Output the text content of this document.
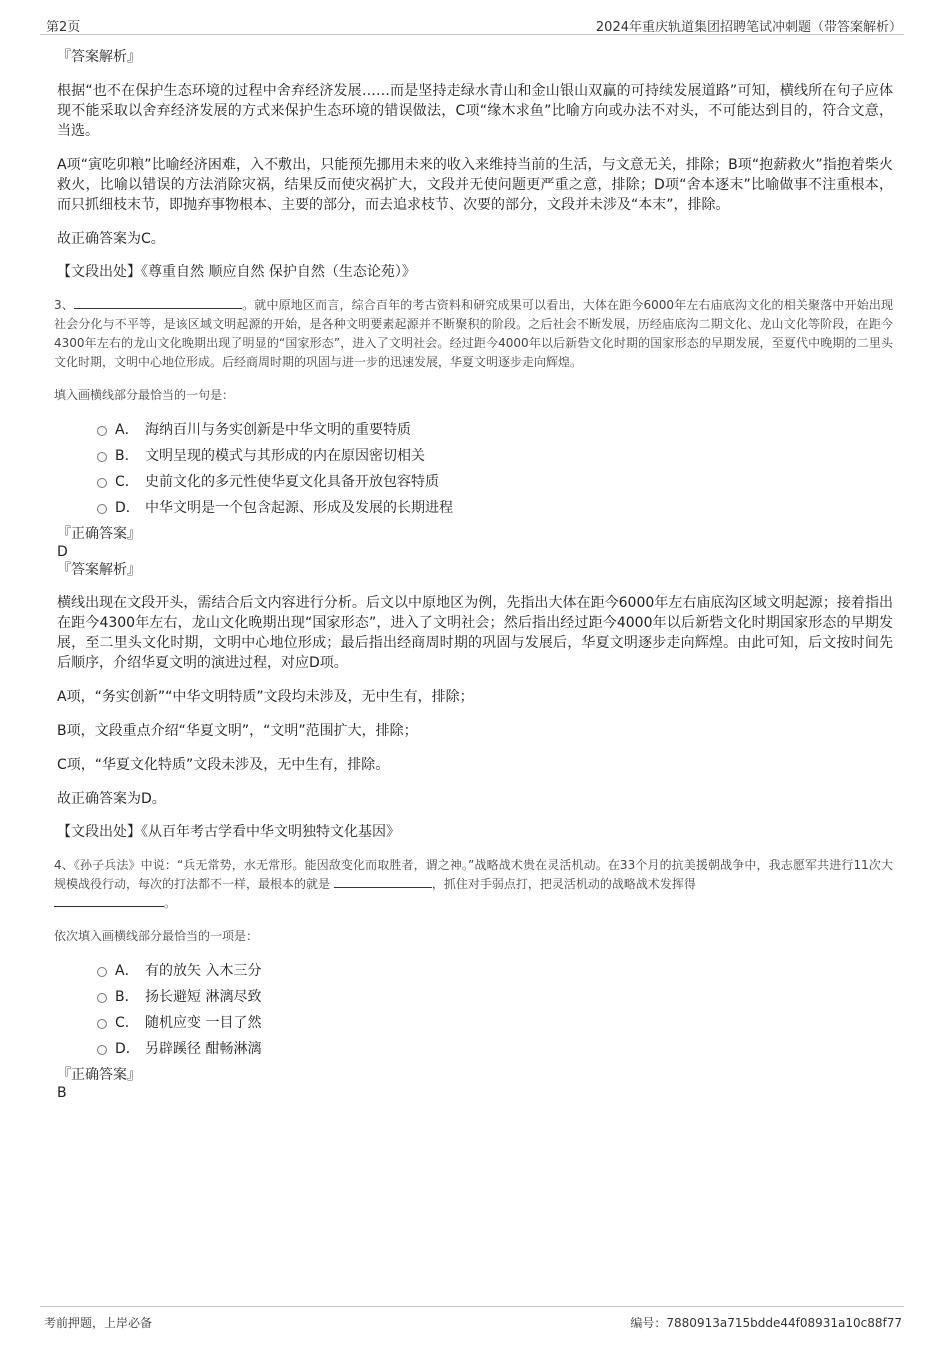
第2页	2024年重庆轨道集团招聘笔试冲刺题（带答案解析）

『答案解析』

根据“也不在保护生态环境的过程中舍弃经济发展……而是坚持走绿水青山和金山银山双赢的可持续发展道路”可知，横线所在句子应体现不能采取以舍弃经济发展的方式来保护生态环境的错误做法，C项“缘木求鱼”比喻方向或办法不对头，不可能达到目的，符合文意，当选。

A项“寅吃卯粮”比喻经济困难，入不敷出，只能预先挪用未来的收入来维持当前的生活，与文意无关，排除；B项“抱薪救火”指抱着柴火救火，比喻以错误的方法消除灾祸，结果反而使灾祸扩大，文段并无使问题更严重之意，排除；D项“舍本逐末”比喻做事不注重根本，而只抓细枝末节，即抛弃事物根本、主要的部分，而去追求枝节、次要的部分，文段并未涉及“本末”，排除。

故正确答案为C。

【文段出处】《尊重自然 顺应自然 保护自然（生态论苑）》

3、	。就中原地区而言，综合百年的考古资料和研究成果可以看出，大体在距今6000年左右庙底沟文化的相关聚落中开始出现社会分化与不平等，是该区域文明起源的开始，是各种文明要素起源并不断聚积的阶段。之后社会不断发展，历经庙底沟二期文化、龙山文化等阶段，在距今4300年左右的龙山文化晚期出现了明显的“国家形态”，进入了文明社会。经过距今4000年以后新砦文化时期的国家形态的早期发展，至夏代中晚期的二里头文化时期，文明中心地位形成。后经商周时期的巩固与进一步的迅速发展，华夏文明逐步走向辉煌。

填入画横线部分最恰当的一句是：

A． 海纳百川与务实创新是中华文明的重要特质
B． 文明呈现的模式与其形成的内在原因密切相关
C． 史前文化的多元性使华夏文化具备开放包容特质
D． 中华文明是一个包含起源、形成及发展的长期进程

『正确答案』

D

『答案解析』

横线出现在文段开头，需结合后文内容进行分析。后文以中原地区为例，先指出大体在距今6000年左右庙底沟区域文明起源；接着指出在距今4300年左右，龙山文化晚期出现“国家形态”，进入了文明社会；然后指出经过距今4000年以后新砦文化时期国家形态的早期发展，至二里头文化时期，文明中心地位形成；最后指出经商周时期的巩固与发展后，华夏文明逐步走向辉煌。由此可知，后文按时间先后顺序，介绍华夏文明的演进过程，对应D项。

A项，“务实创新”“中华文明特质”文段均未涉及，无中生有，排除；

B项，文段重点介绍“华夏文明”，“文明”范围扩大，排除；

C项，“华夏文化特质”文段未涉及，无中生有，排除。

故正确答案为D。

【文段出处】《从百年考古学看中华文明独特文化基因》

4、《孙子兵法》中说：“兵无常势，水无常形。能因敌变化而取胜者，谓之神。”战略战术贵在灵活机动。在33个月的抗美援朝战争中，我志愿军共进行11次大规模战役行动，每次的打法都不一样，最根本的就是	，抓住对手弱点打，把灵活机动的战略战术发挥得
。

依次填入画横线部分最恰当的一项是：

A． 有的放矢 入木三分
B． 扬长避短 淋漓尽致
C． 随机应变 一目了然
D． 另辟蹊径 酣畅淋漓

『正确答案』

B

考前押题，上岸必备	编号：7880913a715bdde44f08931a10c88f77
